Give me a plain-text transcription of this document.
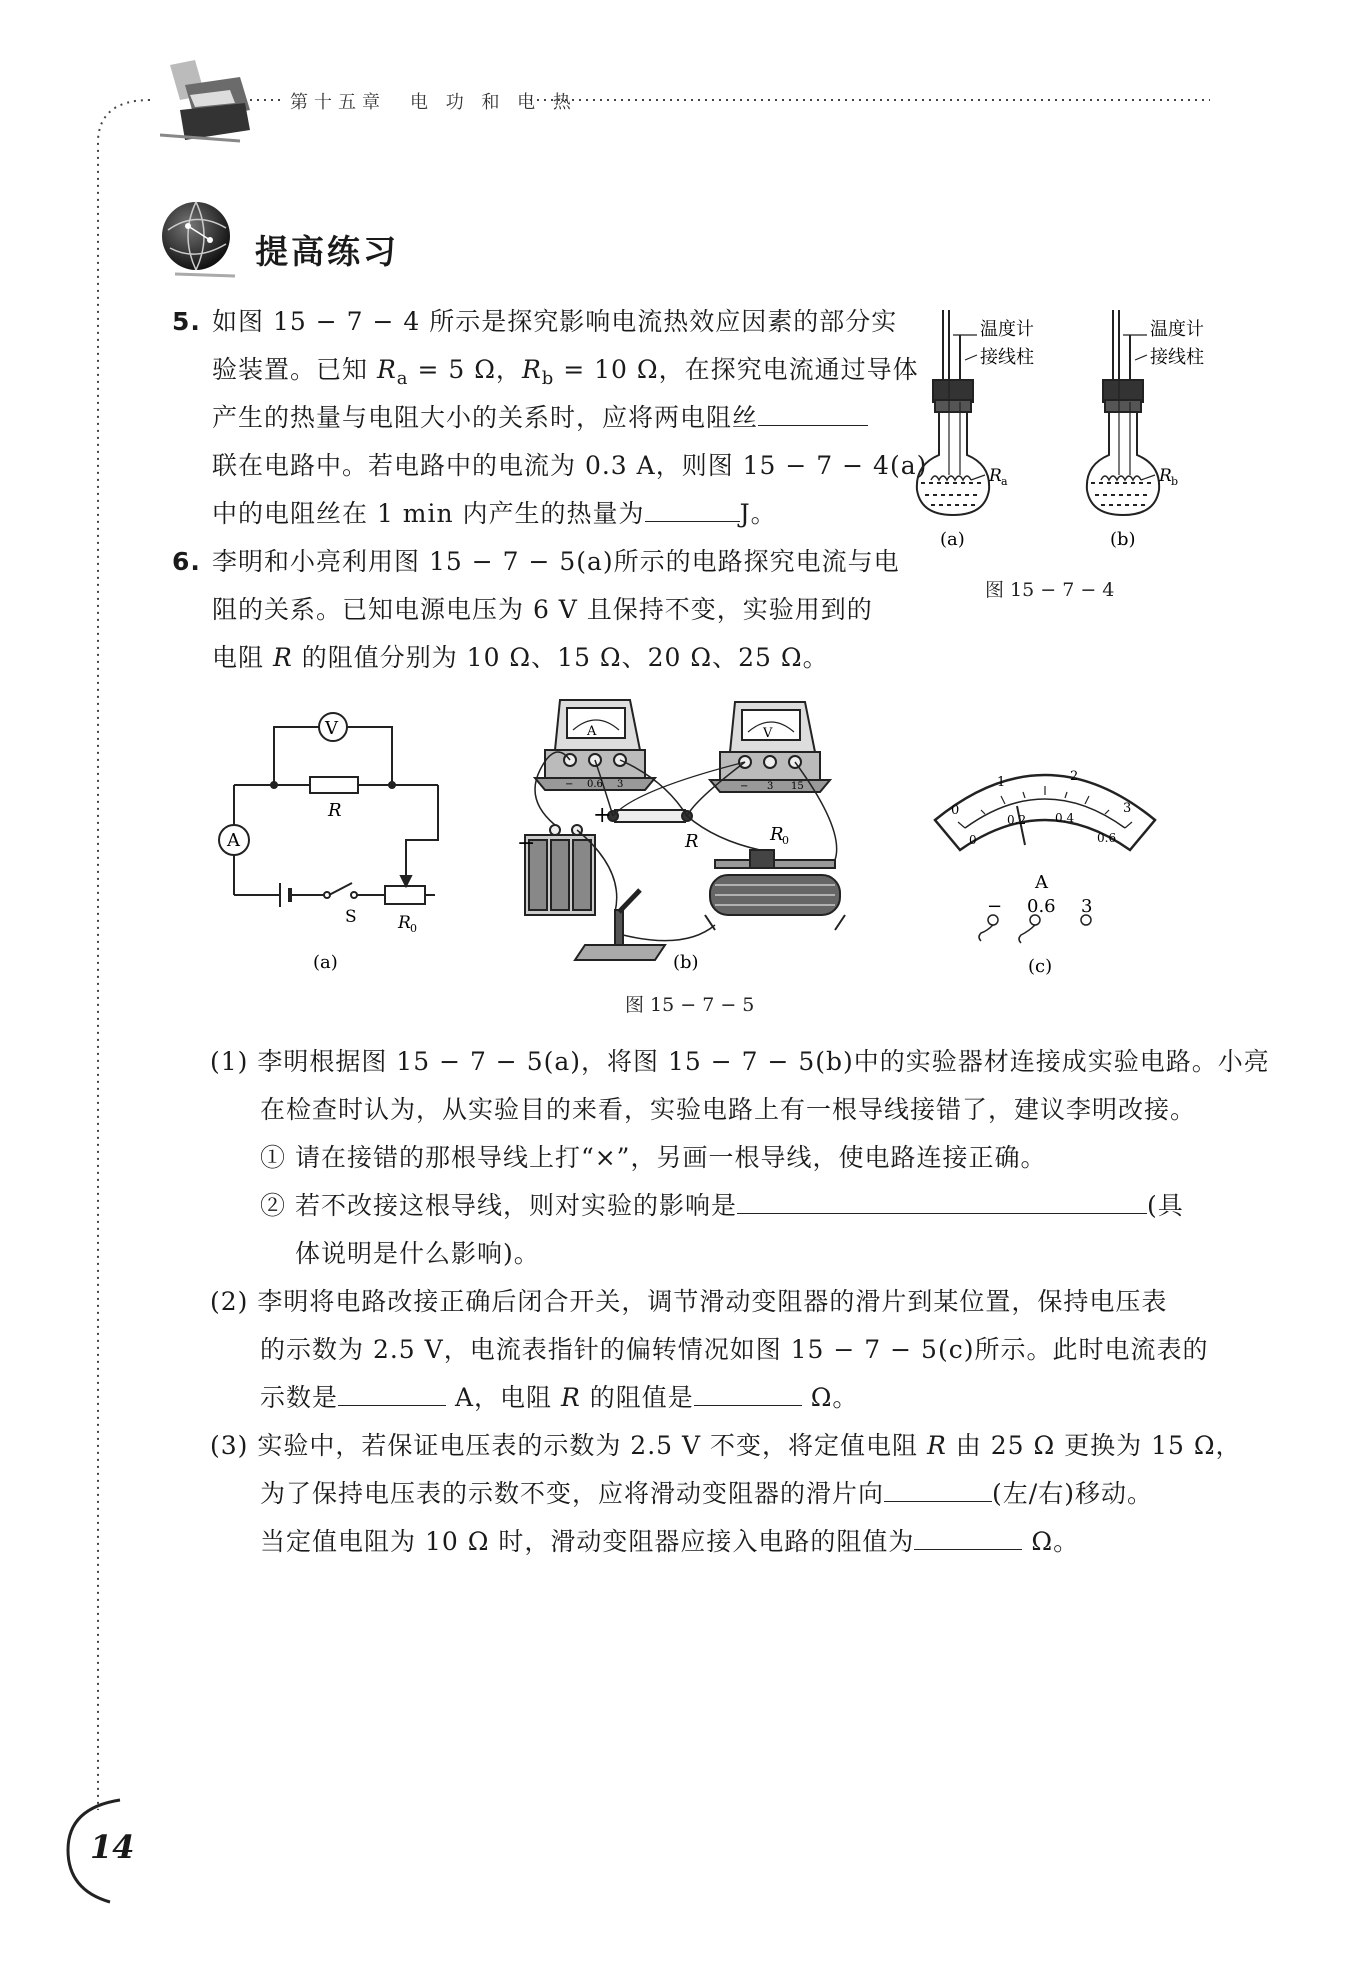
第十五章　电 功 和 电 热
提高练习
5. 如图 15 − 7 − 4 所示是探究影响电流热效应因素的部分实
验装置。已知 $R_a = 5$ Ω，$R_b = 10$ Ω，在探究电流通过导体
产生的热量与电阻大小的关系时，应将两电阻丝
联在电路中。若电路中的电流为 0.3 A，则图 15 − 7 − 4(a)
中的电阻丝在 1 min 内产生的热量为	J。
温度计
接线柱
R a
(a)
温度计
接线柱
R b
(b)
图 15 − 7 − 4
6. 李明和小亮利用图 15 − 7 − 5(a)所示的电路探究电流与电
阻的关系。已知电源电压为 6 V 且保持不变，实验用到的
电阻 R 的阻值分别为 10 Ω、15 Ω、20 Ω、25 Ω。
V
A
R
S R 0
(a)
A	V
− 0.6 3	− 3 15
+
−	R	R
0
(b)
0
1	2
3
0
0.2 0.4
0.6
A
− 0.6 3
(c)
图 15 − 7 − 5
(1) 李明根据图 15 − 7 − 5(a)，将图 15 − 7 − 5(b)中的实验器材连接成实验电路。小亮
在检查时认为，从实验目的来看，实验电路上有一根导线接错了，建议李明改接。
① 请在接错的那根导线上打“×”，另画一根导线，使电路连接正确。
② 若不改接这根导线，则对实验的影响是	(具
体说明是什么影响)。
(2) 李明将电路改接正确后闭合开关，调节滑动变阻器的滑片到某位置，保持电压表
的示数为 2.5 V，电流表指针的偏转情况如图 15 − 7 − 5(c)所示。此时电流表的
示数是	A，电阻 R 的阻值是	Ω。
(3) 实验中，若保证电压表的示数为 2.5 V 不变，将定值电阻 R 由 25 Ω 更换为 15 Ω，
为了保持电压表的示数不变，应将滑动变阻器的滑片向	(左/右)移动。
当定值电阻为 10 Ω 时，滑动变阻器应接入电路的阻值为	Ω。
14
